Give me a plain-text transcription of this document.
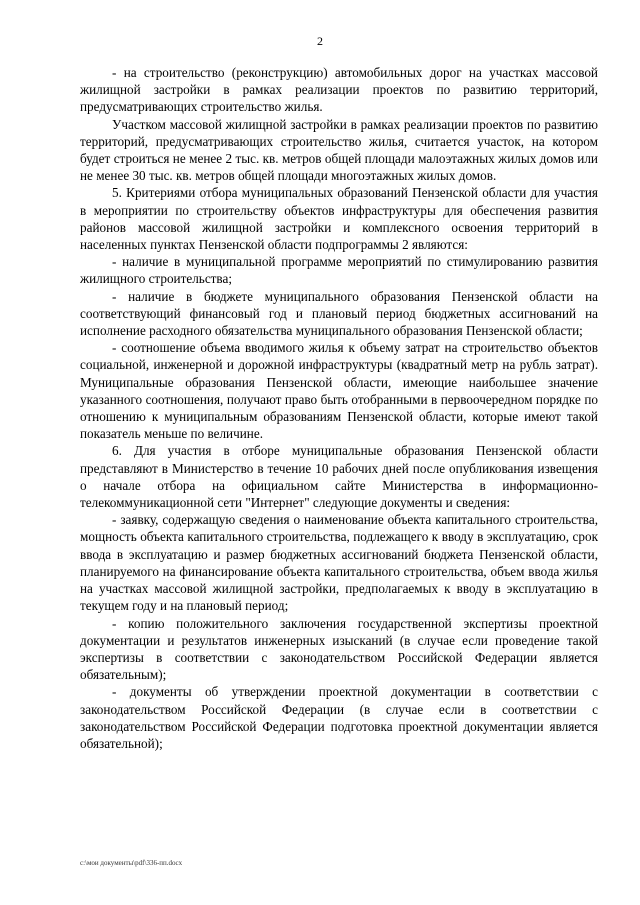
2

- на строительство (реконструкцию) автомобильных дорог на участках массовой жилищной застройки в рамках реализации проектов по развитию территорий, предусматривающих строительство жилья.

Участком массовой жилищной застройки в рамках реализации проектов по развитию территорий, предусматривающих строительство жилья, считается участок, на котором будет строиться не менее 2 тыс. кв. метров общей площади малоэтажных жилых домов или не менее 30 тыс. кв. метров общей площади многоэтажных жилых домов.

5. Критериями отбора муниципальных образований Пензенской области для участия в мероприятии по строительству объектов инфраструктуры для обеспечения развития районов массовой жилищной застройки и комплексного освоения территорий в населенных пунктах Пензенской области подпрограммы 2 являются:

- наличие в муниципальной программе мероприятий по стимулированию развития жилищного строительства;

- наличие в бюджете муниципального образования Пензенской области на соответствующий финансовый год и плановый период бюджетных ассигнований на исполнение расходного обязательства муниципального образования Пензенской области;

- соотношение объема вводимого жилья к объему затрат на строительство объектов социальной, инженерной и дорожной инфраструктуры (квадратный метр на рубль затрат). Муниципальные образования Пензенской области, имеющие наибольшее значение указанного соотношения, получают право быть отобранными в первоочередном порядке по отношению к муниципальным образованиям Пензенской области, которые имеют такой показатель меньше по величине.

6. Для участия в отборе муниципальные образования Пензенской области представляют в Министерство в течение 10 рабочих дней после опубликования извещения о начале отбора на официальном сайте Министерства в информационно-телекоммуникационной сети "Интернет" следующие документы и сведения:

- заявку, содержащую сведения о наименование объекта капитального строительства, мощность объекта капитального строительства, подлежащего к вводу в эксплуатацию, срок ввода в эксплуатацию и размер бюджетных ассигнований бюджета Пензенской области, планируемого на финансирование объекта капитального строительства, объем ввода жилья на участках массовой жилищной застройки, предполагаемых к вводу в эксплуатацию в текущем году и на плановый период;

- копию положительного заключения государственной экспертизы проектной документации и результатов инженерных изысканий (в случае если проведение такой экспертизы в соответствии с законодательством Российской Федерации является обязательным);

- документы об утверждении проектной документации в соответствии с законодательством Российской Федерации (в случае если в соответствии с законодательством Российской Федерации подготовка проектной документации является обязательной);

c:\мои документы\pdf\336-пп.docx
